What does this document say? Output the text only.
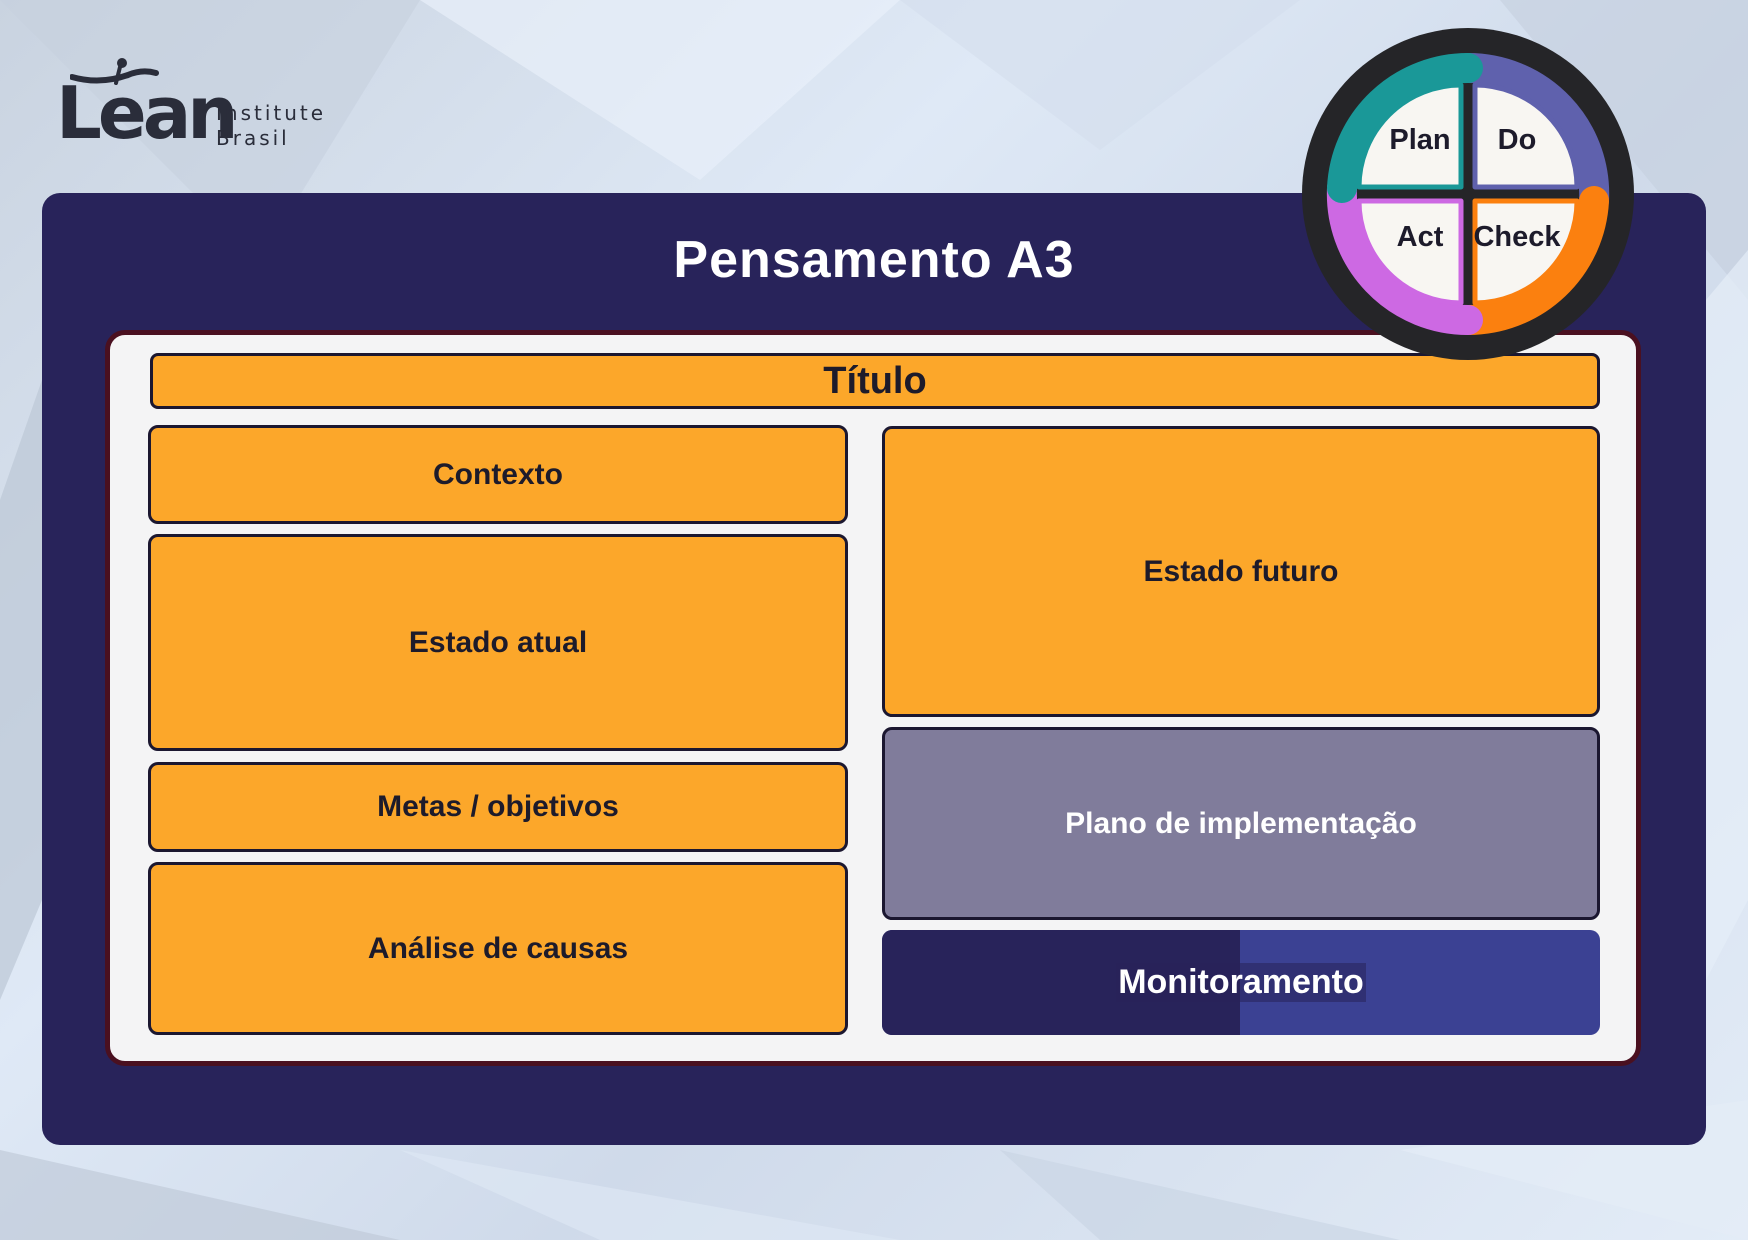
Lean
Institute
Brasil
Pensamento A3
Título
Contexto
Estado atual
Metas / objetivos
Análise de causas
Estado futuro
Plano de implementação
Monitoramento
Plan	Do
Act	Check
